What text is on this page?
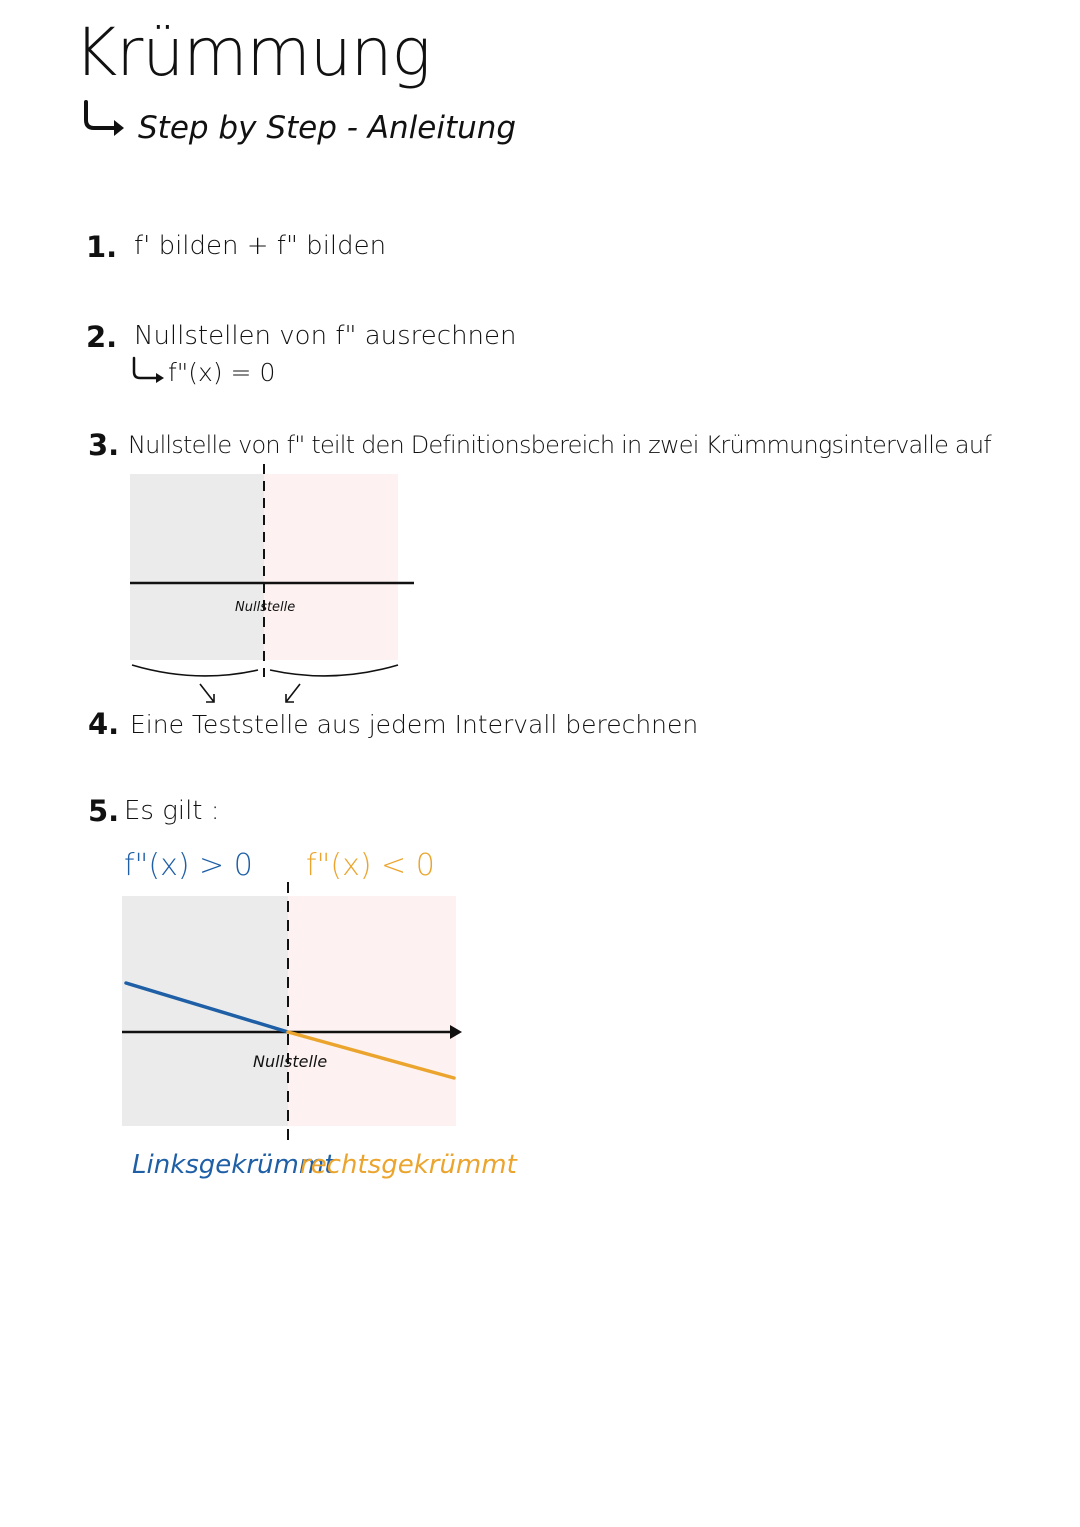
Krümmung
Step by Step - Anleitung
1. f' bilden + f" bilden
2. Nullstellen von f" ausrechnen
f"(x) = 0
3. Nullstelle von f" teilt den Definitionsbereich in zwei Krümmungsintervalle auf
Nullstelle
4. Eine Teststelle aus jedem Intervall berechnen
5. Es gilt :
f"(x) > 0 f"(x) < 0
Nullstelle
Linksgekrümmt
rechtsgekrümmt
